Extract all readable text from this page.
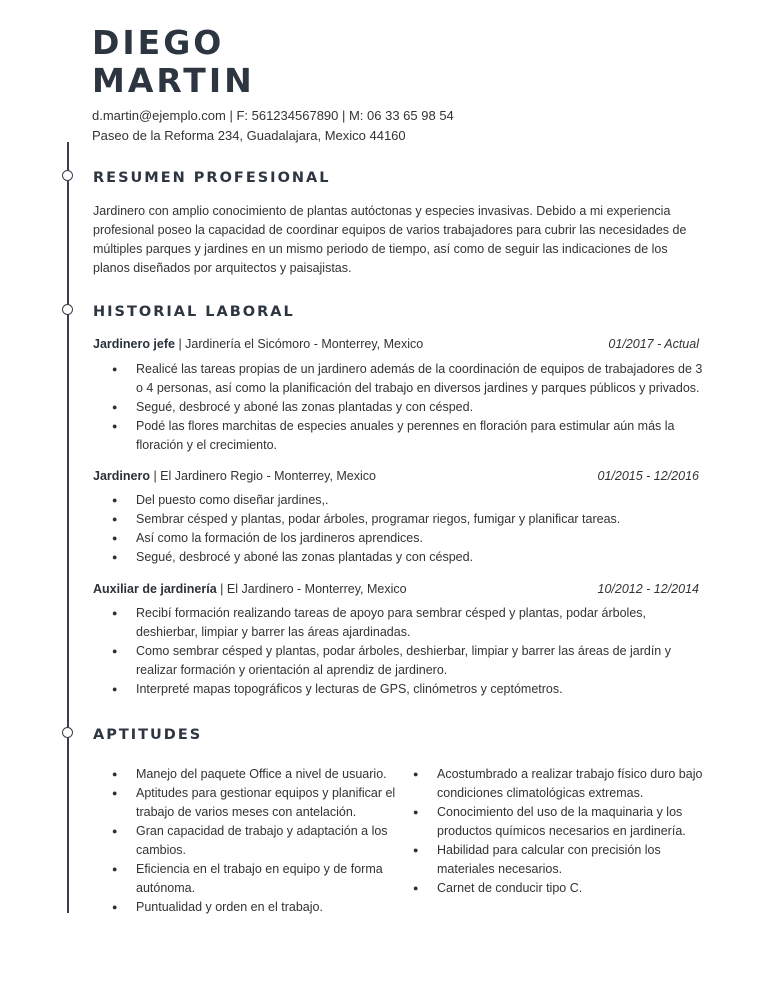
DIEGO
MARTIN
d.martin@ejemplo.com | F: 561234567890 | M: 06 33 65 98 54
Paseo de la Reforma 234, Guadalajara, Mexico 44160
RESUMEN PROFESIONAL

Jardinero con amplio conocimiento de plantas autóctonas y especies invasivas. Debido a mi experiencia profesional poseo la capacidad de coordinar equipos de varios trabajadores para cubrir las necesidades de múltiples parques y jardines en un mismo periodo de tiempo, así como de seguir las indicaciones de los planos diseñados por arquitectos y paisajistas.

HISTORIAL LABORAL
Jardinero jefe | Jardinería el Sicómoro - Monterrey, Mexico	01/2017 - Actual
● Realicé las tareas propias de un jardinero además de la coordinación de equipos de trabajadores de 3 o 4 personas, así como la planificación del trabajo en diversos jardines y parques públicos y privados.
● Segué, desbrocé y aboné las zonas plantadas y con césped.
● Podé las flores marchitas de especies anuales y perennes en floración para estimular aún más la floración y el crecimiento.
Jardinero | El Jardinero Regio - Monterrey, Mexico	01/2015 - 12/2016
● Del puesto como diseñar jardines,.
● Sembrar césped y plantas, podar árboles, programar riegos, fumigar y planificar tareas.
● Así como la formación de los jardineros aprendices.
● Segué, desbrocé y aboné las zonas plantadas y con césped.
Auxiliar de jardinería | El Jardinero - Monterrey, Mexico	10/2012 - 12/2014
● Recibí formación realizando tareas de apoyo para sembrar césped y plantas, podar árboles, deshierbar, limpiar y barrer las áreas ajardinadas.
● Como sembrar césped y plantas, podar árboles, deshierbar, limpiar y barrer las áreas de jardín y realizar formación y orientación al aprendiz de jardinero.
● Interpreté mapas topográficos y lecturas de GPS, clinómetros y ceptómetros.
APTITUDES
● Manejo del paquete Office a nivel de usuario.
● Aptitudes para gestionar equipos y planificar el trabajo de varios meses con antelación.
● Gran capacidad de trabajo y adaptación a los cambios.
● Eficiencia en el trabajo en equipo y de forma autónoma.
● Puntualidad y orden en el trabajo.
● Acostumbrado a realizar trabajo físico duro bajo condiciones climatológicas extremas.
● Conocimiento del uso de la maquinaria y los productos químicos necesarios en jardinería.
● Habilidad para calcular con precisión los materiales necesarios.
● Carnet de conducir tipo C.
